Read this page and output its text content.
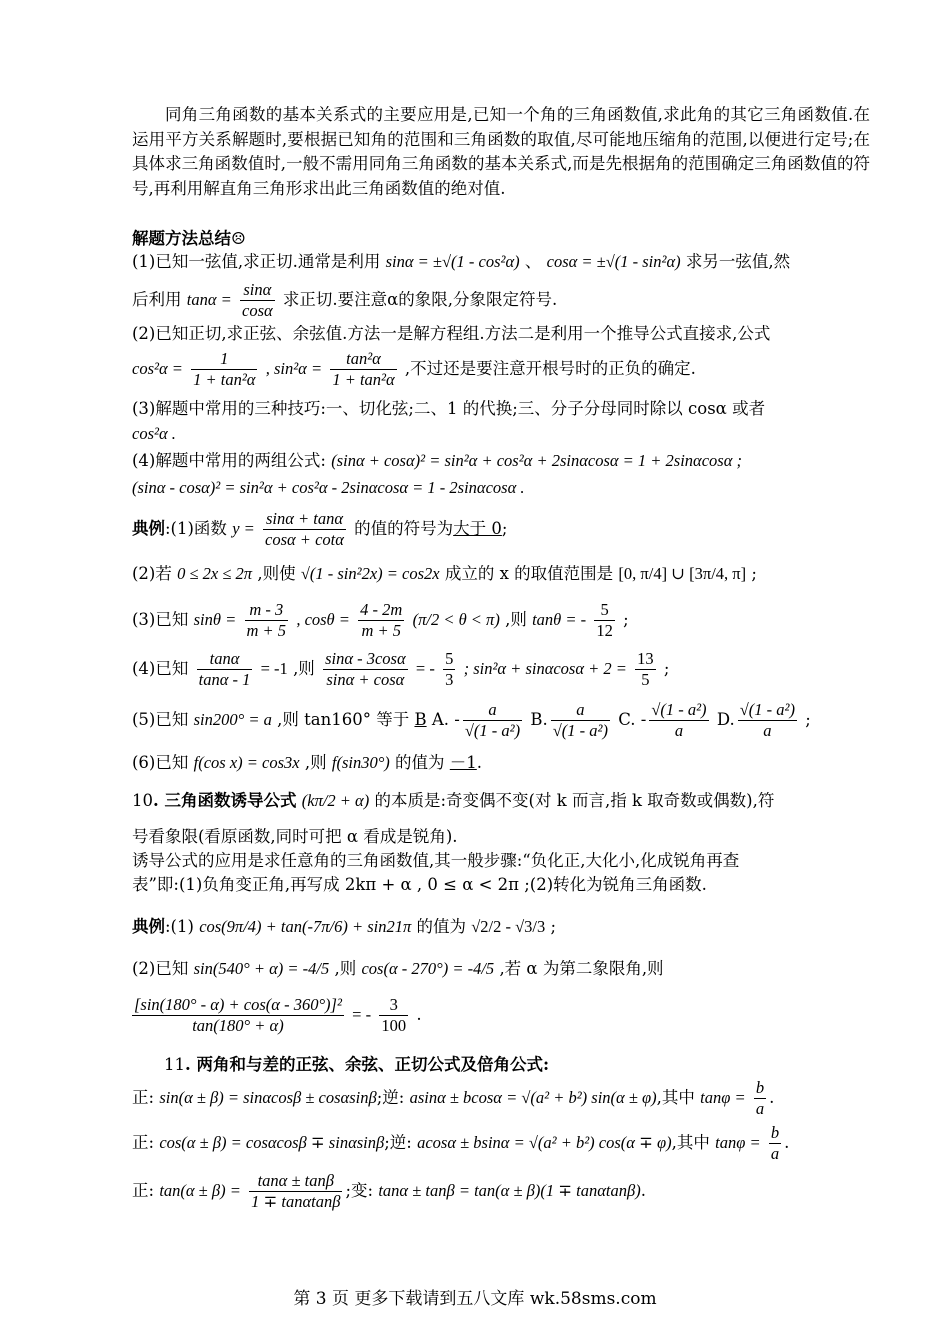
同角三角函数的基本关系式的主要应用是,已知一个角的三角函数值,求此角的其它三角函数值.在运用平方关系解题时,要根据已知角的范围和三角函数的取值,尽可能地压缩角的范围,以便进行定号;在具体求三角函数值时,一般不需用同角三角函数的基本关系式,而是先根据角的范围确定三角函数值的符号,再利用解直角三角形求出此三角函数值的绝对值.
解题方法总结☹
(1)已知一弦值,求正切.通常是利用 sinα = ±√(1 - cos²α) 、 cosα = ±√(1 - sin²α) 求另一弦值,然
后利用 $\tan\alpha = \frac{\sin\alpha}{\cos\alpha}$ 求正切.要注意α的象限,分象限定符号.
(2)已知正切,求正弦、余弦值.方法一是解方程组.方法二是利用一个推导公式直接求,公式
$\cos^2\alpha = \frac{1}{\text{1 + tan²α}}$ , $\sin^2\alpha = \frac{\text{tan²α}}{\text{1 + tan²α}}$ ,不过还是要注意开根号时的正负的确定.
(3)解题中常用的三种技巧:一、切化弦;二、1 的代换;三、分子分母同时除以 cosα 或者
cos²α .
(4)解题中常用的两组公式: (sinα + cosα)² = sin²α + cos²α + 2sinαcosα = 1 + 2sinαcosα ;
(sinα - cosα)² = sin²α + cos²α - 2sinαcosα = 1 - 2sinαcosα .
典例:(1)函数 $y = \frac{\sin\alpha + \tan\alpha}{\cos\alpha + \cot\alpha}$ 的值的符号为大于 0;
(2)若 0 ≤ 2x ≤ 2π ,则使 √(1 - sin²2x) = cos2x 成立的 x 的取值范围是 [0, π/4] ∪ [3π/4, π] ;
(3)已知 $\sin\theta = \frac{m - 3}{m + 5}$ , $\cos\theta = \frac{4 - 2m}{m + 5} (\pi/2 < \theta < \pi)$ ,则 tanθ = - $\frac{5}{12}$ ;
(4)已知 $\frac{\tan\alpha}{\tan\alpha - 1} = -1$ ,则 $\frac{\sin\alpha - 3\cos\alpha}{\sin\alpha + \cos\alpha}$ = - $\frac{5}{3}$ ; $\sin^2\alpha + \sin\alpha\cos\alpha + 2 = \frac{13}{5}$ ;
(5)已知 sin200° = a ,则 tan160° 等于 B A. - $\frac{a}{\text{√(1 - a²)}} B$. $\frac{a}{\text{√(1 - a²)}} C$. - $\frac{\text{√(1 - a²)}}{a} D$. $\frac{\text{√(1 - a²)}}{a}$ ;
(6)已知 f(cos x) = cos3x ,则 f(sin30°) 的值为 －1.
10. 三角函数诱导公式 (kπ/2 + α) 的本质是:奇变偶不变(对 k 而言,指 k 取奇数或偶数),符
号看象限(看原函数,同时可把 α 看成是锐角).
诱导公式的应用是求任意角的三角函数值,其一般步骤:“负化正,大化小,化成锐角再查
表”即:(1)负角变正角,再写成 2kπ + α , 0 ≤ α < 2π ;(2)转化为锐角三角函数.
典例:(1) cos(9π/4) + tan(-7π/6) + sin21π 的值为 √2/2 - √3/3 ;
(2)已知 sin(540° + α) = -4/5 ,则 cos(α - 270°) = -4/5 ,若 α 为第二象限角,则
$\frac{\text{[sin(180° - α) + cos(α - 360°)]²}}{\tan(180^\circ + \alpha)}$ = - $\frac{3}{100}$ .
11. 两角和与差的正弦、余弦、正切公式及倍角公式:
正: sin(α ± β) = sinαcosβ ± cosαsinβ;逆: asinα ± bcosα = √(a² + b²) sin(α ± φ),其中 $\tan\varphi = \frac{b}{a}$ .
正: cos(α ± β) = cosαcosβ ∓ sinαsinβ;逆: acosα ± bsinα = √(a² + b²) cos(α ∓ φ),其中 $\tan\varphi = \frac{b}{a}$ .
正: $\tan(\alpha \pm \beta) = \frac{\tan\alpha \pm \tan\beta}{1 \mp \tan\alpha\tan\beta}$ ;变: tanα ± tanβ = tan(α ± β)(1 ∓ tanαtanβ).
第 3 页 更多下载请到五八文库 wk.58sms.com
